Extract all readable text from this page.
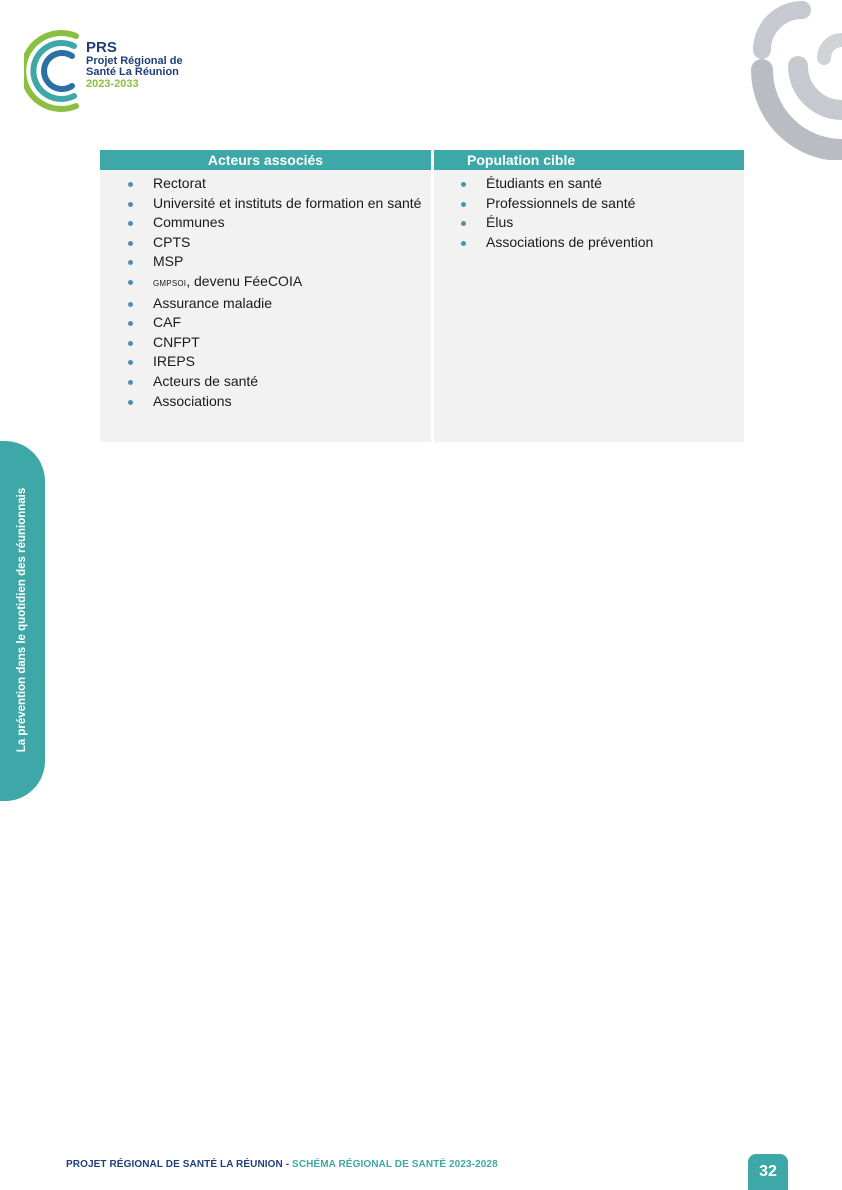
PRS
Projet Régional de
Santé La Réunion
2023-2033
Acteurs associés	Population cible
Rectorat
Université et instituts de formation en santé
Communes
CPTS
MSP
GMPSOI, devenu FéeCOIA
Assurance maladie
CAF
CNFPT
IREPS
Acteurs de santé
Associations
Étudiants en santé
Professionnels de santé
Élus
Associations de prévention
La prévention dans le quotidien des réunionnais
PROJET RÉGIONAL DE SANTÉ LA RÉUNION - SCHÉMA RÉGIONAL DE SANTÉ 2023-2028	32
